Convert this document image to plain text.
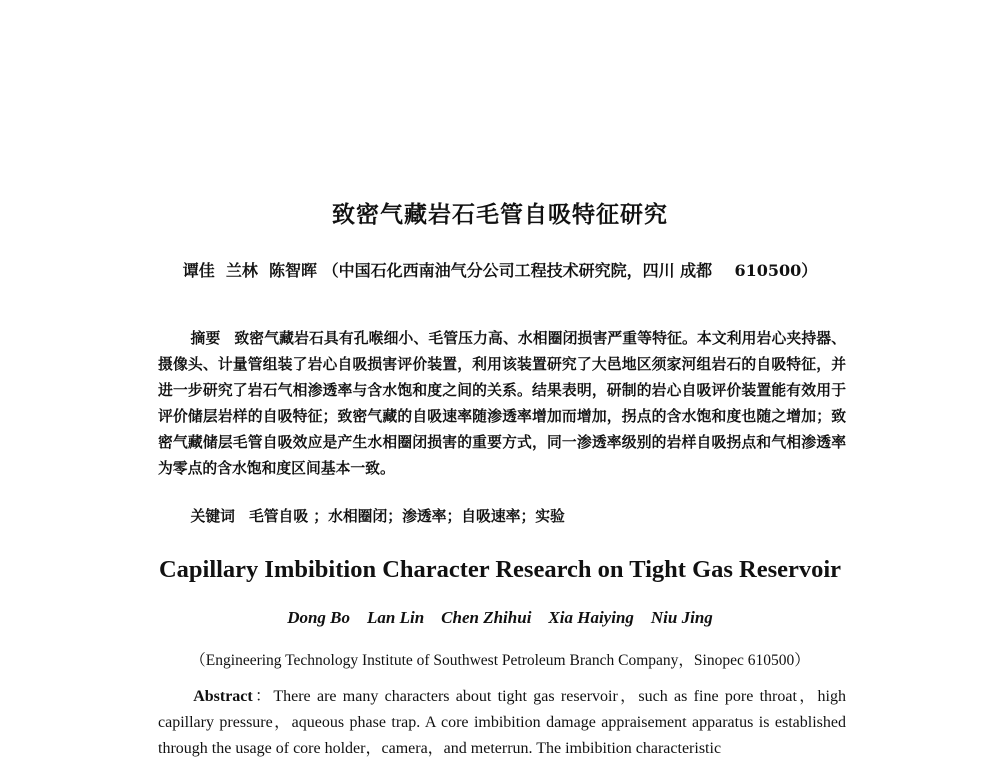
致密气藏岩石毛管自吸特征研究
谭佳  兰林  陈智晖 （中国石化西南油气分公司工程技术研究院，四川 成都    610500）
摘要 致密气藏岩石具有孔喉细小、毛管压力高、水相圈闭损害严重等特征。本文利用岩心夹持器、摄像头、计量管组装了岩心自吸损害评价装置，利用该装置研究了大邑地区须家河组岩石的自吸特征，并进一步研究了岩石气相渗透率与含水饱和度之间的关系。结果表明，研制的岩心自吸评价装置能有效用于评价储层岩样的自吸特征；致密气藏的自吸速率随渗透率增加而增加，拐点的含水饱和度也随之增加；致密气藏储层毛管自吸效应是产生水相圈闭损害的重要方式，同一渗透率级别的岩样自吸拐点和气相渗透率为零点的含水饱和度区间基本一致。
关键词 毛管自吸 ；水相圈闭；渗透率；自吸速率；实验
Capillary Imbibition Character Research on Tight Gas Reservoir
Dong Bo    Lan Lin    Chen Zhihui    Xia Haiying    Niu Jing
（Engineering Technology Institute of Southwest Petroleum Branch Company，Sinopec 610500）
Abstract：There are many characters about tight gas reservoir，such as fine pore throat，high capillary pressure，aqueous phase trap. A core imbibition damage appraisement apparatus is established through the usage of core holder，camera，and meterrun. The imbibition characteristic
